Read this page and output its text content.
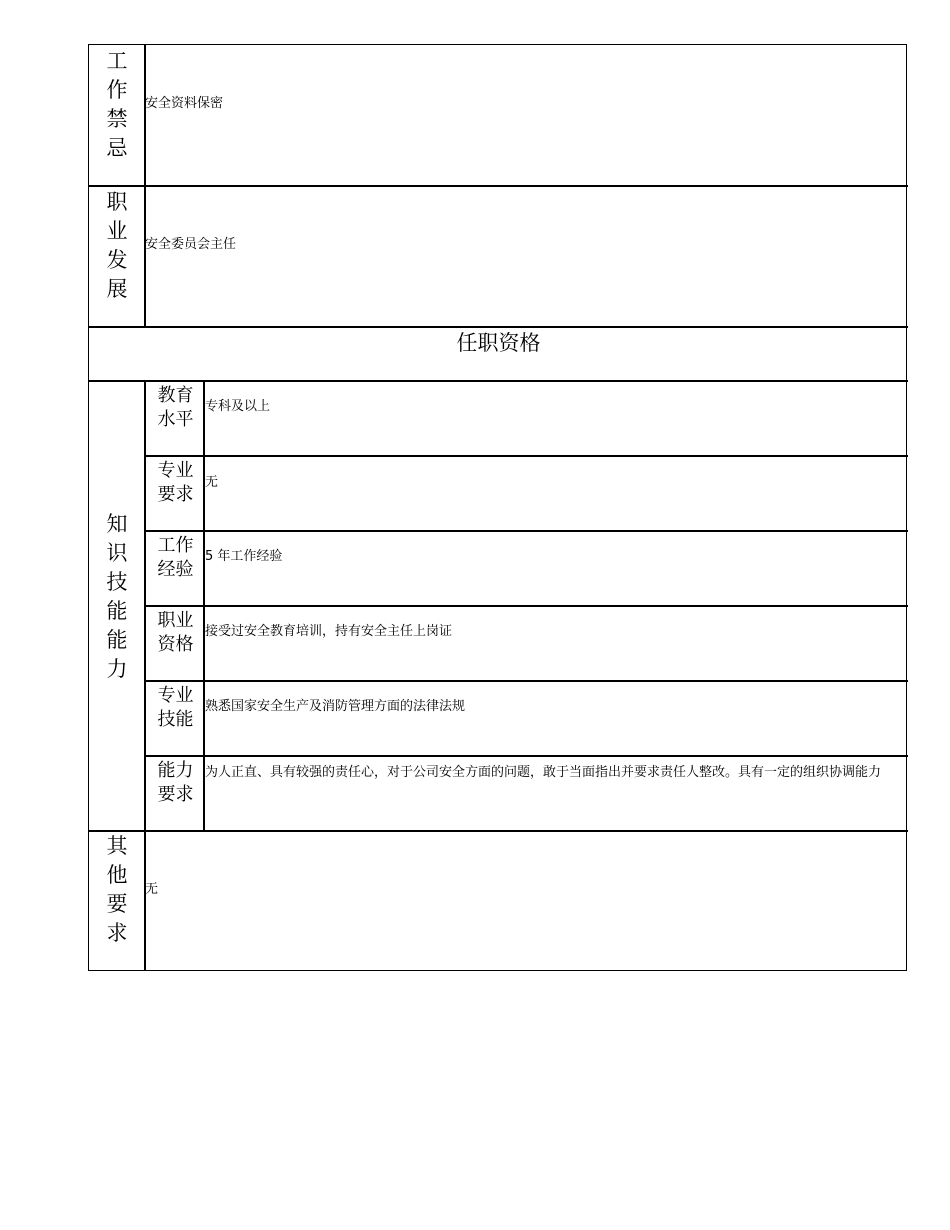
工作禁忌
安全资料保密
职业发展
安全委员会主任
任职资格
知识技能能力
教育
水平
专科及以上
专业
要求
无
工作
经验
5 年工作经验
职业
资格
接受过安全教育培训，持有安全主任上岗证
专业
技能
熟悉国家安全生产及消防管理方面的法律法规
能力
要求
为人正直、具有较强的责任心，对于公司安全方面的问题，敢于当面指出并要求责任人整改。具有一定的组织协调能力
其他要求
无
